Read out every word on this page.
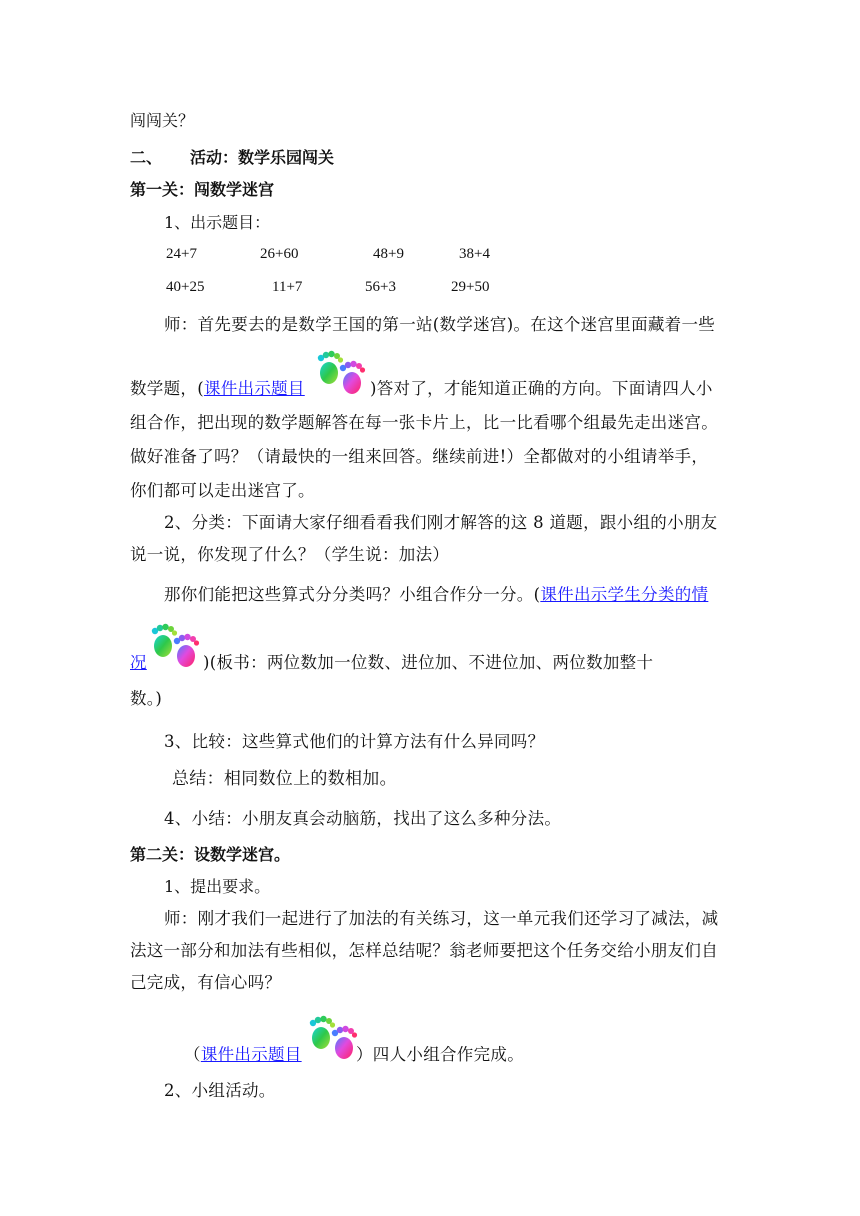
闯闯关？
二、 活动：数学乐园闯关
第一关：闯数学迷宫
1、出示题目：
24+7	26+60	48+9	38+4
40+25	11+7	56+3	29+50
师：首先要去的是数学王国的第一站(数学迷宫)。在这个迷宫里面藏着一些
数学题，(课件出示题目	)答对了，才能知道正确的方向。下面请四人小
组合作，把出现的数学题解答在每一张卡片上，比一比看哪个组最先走出迷宫。
做好准备了吗？（请最快的一组来回答。继续前进!）全都做对的小组请举手，
你们都可以走出迷宫了。
2、分类：下面请大家仔细看看我们刚才解答的这 8 道题，跟小组的小朋友
说一说，你发现了什么？（学生说：加法）
那你们能把这些算式分分类吗？小组合作分一分。(课件出示学生分类的情
况	)(板书：两位数加一位数、进位加、不进位加、两位数加整十
数。)
3、比较：这些算式他们的计算方法有什么异同吗？
总结：相同数位上的数相加。
4、小结：小朋友真会动脑筋，找出了这么多种分法。
第二关：设数学迷宫。
1、提出要求。
师：刚才我们一起进行了加法的有关练习，这一单元我们还学习了减法，减
法这一部分和加法有些相似，怎样总结呢？翁老师要把这个任务交给小朋友们自
己完成，有信心吗？
（课件出示题目	）四人小组合作完成。
2、小组活动。
